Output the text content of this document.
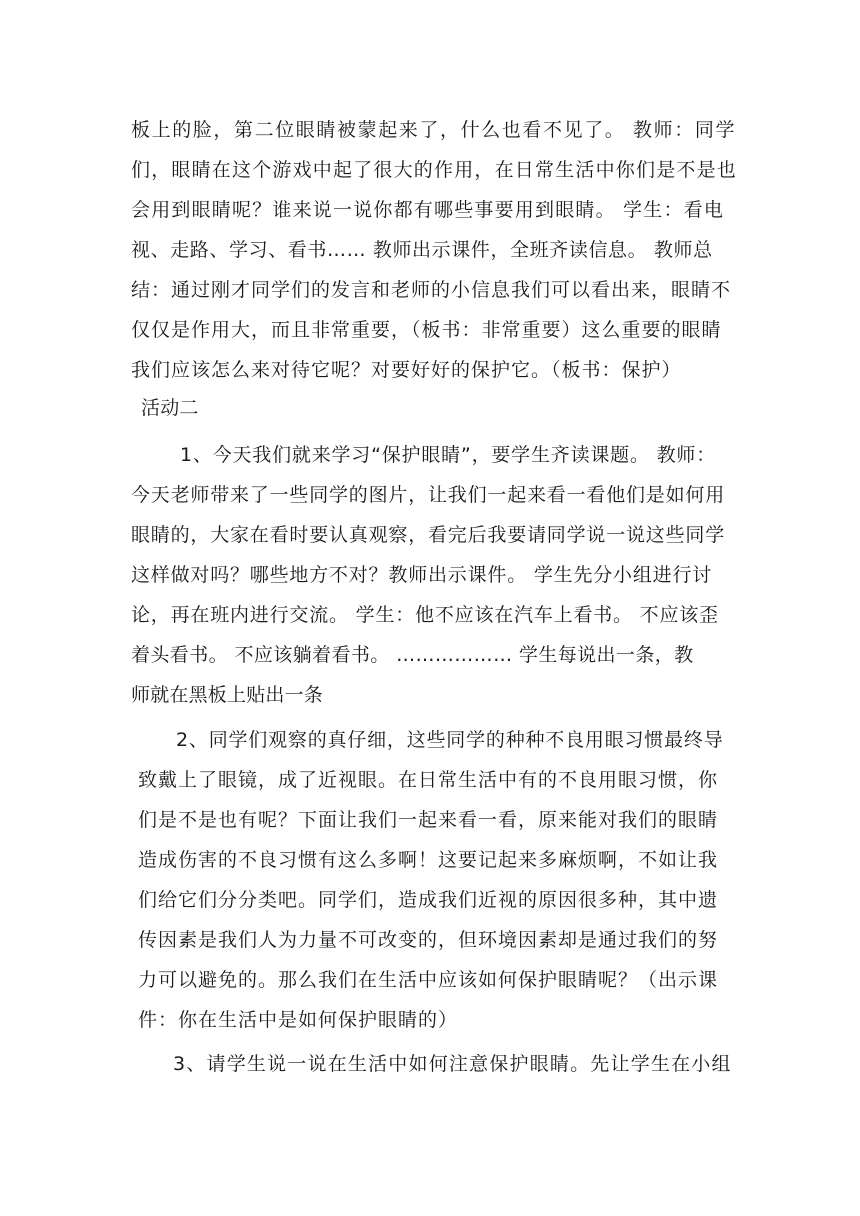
板上的脸，第二位眼睛被蒙起来了，什么也看不见了。 教师：同学
们，眼睛在这个游戏中起了很大的作用，在日常生活中你们是不是也
会用到眼睛呢？谁来说一说你都有哪些事要用到眼睛。 学生：看电
视、走路、学习、看书…… 教师出示课件，全班齐读信息。 教师总
结：通过刚才同学们的发言和老师的小信息我们可以看出来，眼睛不
仅仅是作用大，而且非常重要，（板书：非常重要）这么重要的眼睛
我们应该怎么来对待它呢？对要好好的保护它。（板书：保护）
活动二
1、今天我们就来学习“保护眼睛”，要学生齐读课题。 教师：
今天老师带来了一些同学的图片，让我们一起来看一看他们是如何用
眼睛的，大家在看时要认真观察，看完后我要请同学说一说这些同学
这样做对吗？哪些地方不对？教师出示课件。 学生先分小组进行讨
论，再在班内进行交流。 学生：他不应该在汽车上看书。 不应该歪
着头看书。 不应该躺着看书。 ……………… 学生每说出一条，教
师就在黑板上贴出一条
2、同学们观察的真仔细，这些同学的种种不良用眼习惯最终导
致戴上了眼镜，成了近视眼。在日常生活中有的不良用眼习惯，你
们是不是也有呢？下面让我们一起来看一看，原来能对我们的眼睛
造成伤害的不良习惯有这么多啊！这要记起来多麻烦啊，不如让我
们给它们分分类吧。同学们，造成我们近视的原因很多种，其中遗
传因素是我们人为力量不可改变的，但环境因素却是通过我们的努
力可以避免的。那么我们在生活中应该如何保护眼睛呢？（出示课
件：你在生活中是如何保护眼睛的）
3、请学生说一说在生活中如何注意保护眼睛。先让学生在小组
